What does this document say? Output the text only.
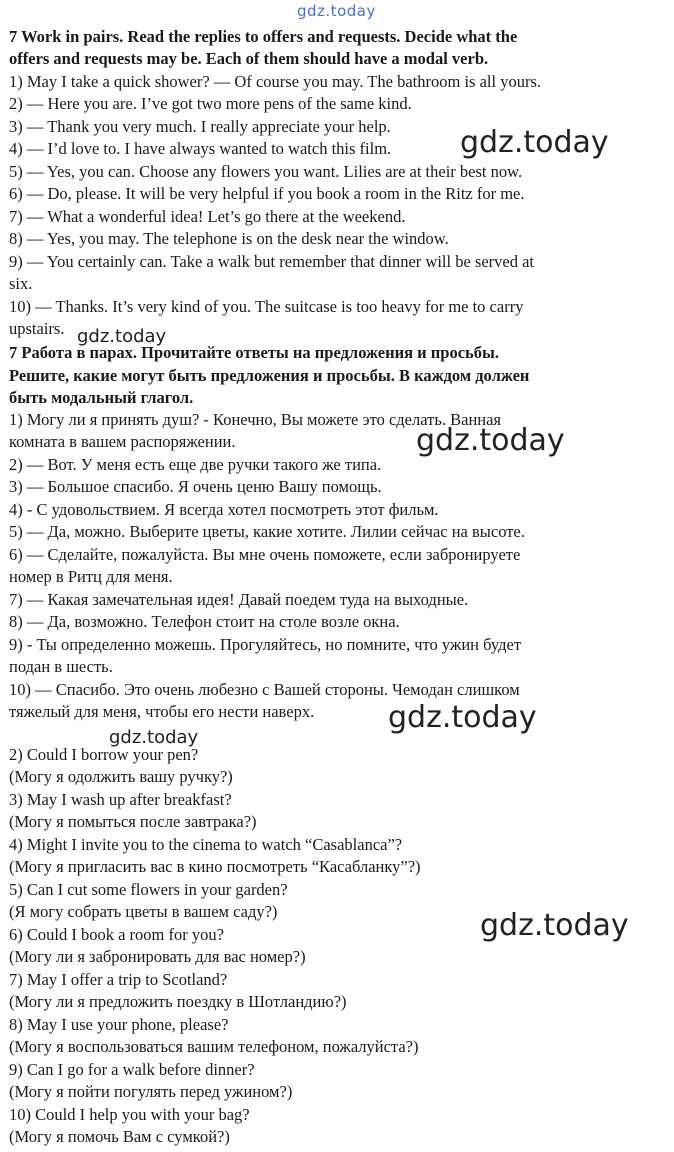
gdz.today
7 Work in pairs. Read the replies to offers and requests. Decide what the
offers and requests may be. Each of them should have a modal verb.
1) May I take a quick shower? — Of course you may. The bathroom is all yours.
2) — Here you are. I’ve got two more pens of the same kind.
3) — Thank you very much. I really appreciate your help.
4) — I’d love to. I have always wanted to watch this film.
5) — Yes, you can. Choose any flowers you want. Lilies are at their best now.
6) — Do, please. It will be very helpful if you book a room in the Ritz for me.
7) — What a wonderful idea! Let’s go there at the weekend.
8) — Yes, you may. The telephone is on the desk near the window.
9) — You certainly can. Take a walk but remember that dinner will be served at
six.
10) — Thanks. It’s very kind of you. The suitcase is too heavy for me to carry
upstairs.
gdz.today
gdz.today
7 Работа в парах. Прочитайте ответы на предложения и просьбы.
Решите, какие могут быть предложения и просьбы. В каждом должен
быть модальный глагол.
1) Могу ли я принять душ? - Конечно, Вы можете это сделать. Ванная
комната в вашем распоряжении.
2) — Вот. У меня есть еще две ручки такого же типа.
3) — Большое спасибо. Я очень ценю Вашу помощь.
4) - С удовольствием. Я всегда хотел посмотреть этот фильм.
5) — Да, можно. Выберите цветы, какие хотите. Лилии сейчас на высоте.
6) — Сделайте, пожалуйста. Вы мне очень поможете, если забронируете
номер в Ритц для меня.
7) — Какая замечательная идея! Давай поедем туда на выходные.
8) — Да, возможно. Телефон стоит на столе возле окна.
9) - Ты определенно можешь. Прогуляйтесь, но помните, что ужин будет
подан в шесть.
10) — Спасибо. Это очень любезно с Вашей стороны. Чемодан слишком
тяжелый для меня, чтобы его нести наверх.
gdz.today
gdz.today
gdz.today
2) Could I borrow your pen?
(Могу я одолжить вашу ручку?)
3) May I wash up after breakfast?
(Могу я помыться после завтрака?)
4) Might I invite you to the cinema to watch “Casablanca”?
(Могу я пригласить вас в кино посмотреть “Касабланку”?)
5) Can I cut some flowers in your garden?
(Я могу собрать цветы в вашем саду?)
6) Could I book a room for you?
(Могу ли я забронировать для вас номер?)
7) May I offer a trip to Scotland?
(Могу ли я предложить поездку в Шотландию?)
8) May I use your phone, please?
(Могу я воспользоваться вашим телефоном, пожалуйста?)
9) Can I go for a walk before dinner?
(Могу я пойти погулять перед ужином?)
10) Could I help you with your bag?
(Могу я помочь Вам с сумкой?)
gdz.today
